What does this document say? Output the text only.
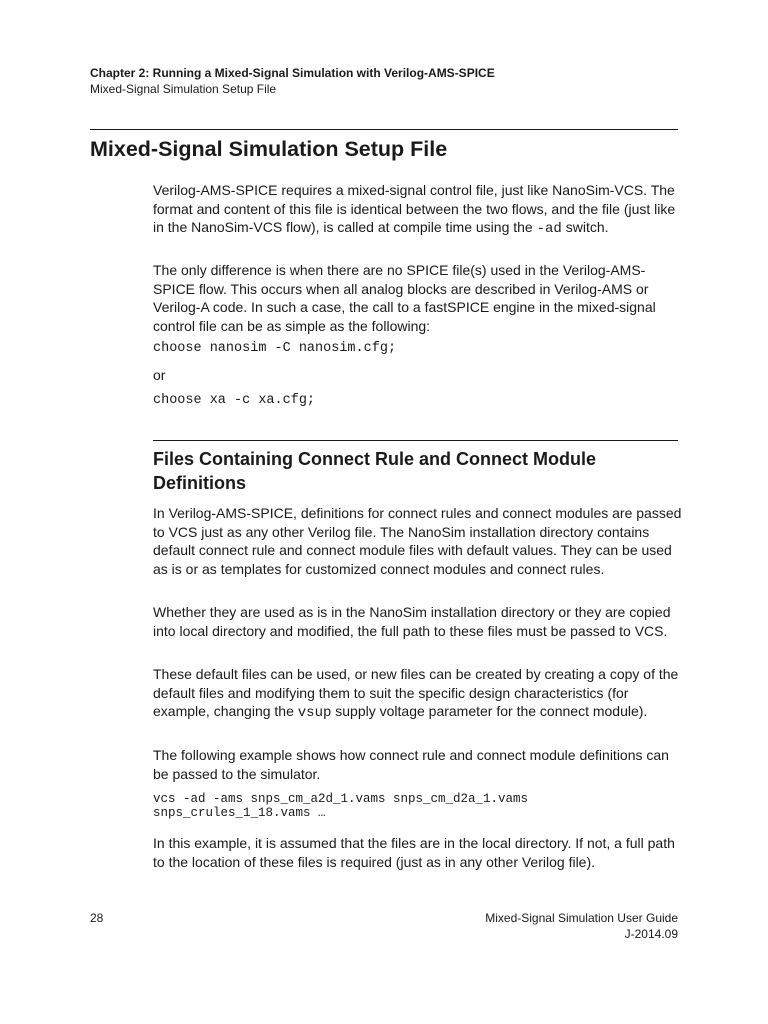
Chapter 2: Running a Mixed-Signal Simulation with Verilog-AMS-SPICE
Mixed-Signal Simulation Setup File
Mixed-Signal Simulation Setup File

Verilog-AMS-SPICE requires a mixed-signal control file, just like NanoSim-VCS. The format and content of this file is identical between the two flows, and the file (just like in the NanoSim-VCS flow), is called at compile time using the -ad switch.

The only difference is when there are no SPICE file(s) used in the Verilog-AMS-SPICE flow. This occurs when all analog blocks are described in Verilog-AMS or Verilog-A code. In such a case, the call to a fastSPICE engine in the mixed-signal control file can be as simple as the following:

choose nanosim -C nanosim.cfg;

or

choose xa -c xa.cfg;
Files Containing Connect Rule and Connect Module Definitions

In Verilog-AMS-SPICE, definitions for connect rules and connect modules are passed to VCS just as any other Verilog file. The NanoSim installation directory contains default connect rule and connect module files with default values. They can be used as is or as templates for customized connect modules and connect rules.

Whether they are used as is in the NanoSim installation directory or they are copied into local directory and modified, the full path to these files must be passed to VCS.

These default files can be used, or new files can be created by creating a copy of the default files and modifying them to suit the specific design characteristics (for example, changing the vsup supply voltage parameter for the connect module).

The following example shows how connect rule and connect module definitions can be passed to the simulator.

vcs -ad -ams snps_cm_a2d_1.vams snps_cm_d2a_1.vams
snps_crules_1_18.vams …

In this example, it is assumed that the files are in the local directory. If not, a full path to the location of these files is required (just as in any other Verilog file).

28	Mixed-Signal Simulation User Guide
J-2014.09
